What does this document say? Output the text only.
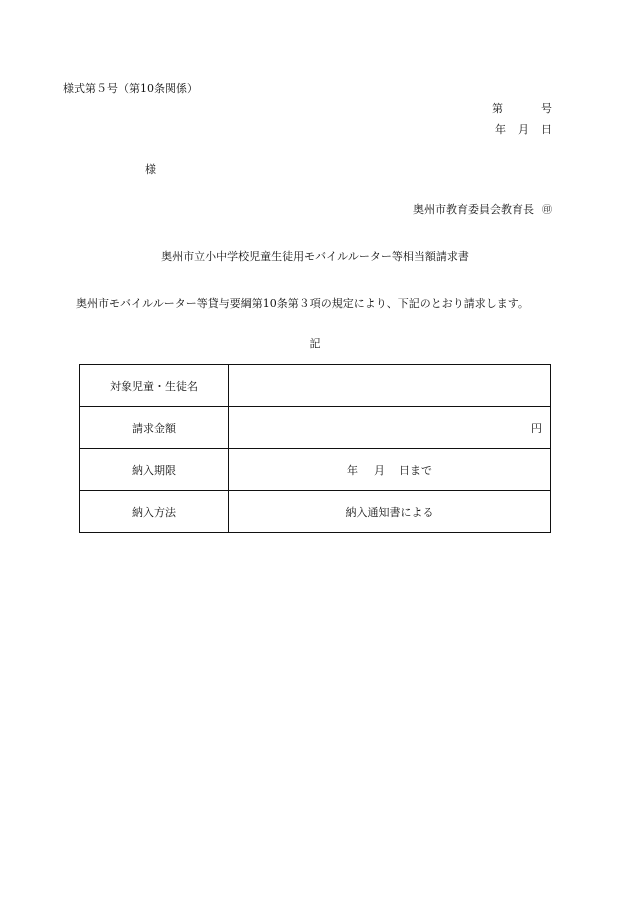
様式第５号（第10条関係）
第	号
年 月 日
様
奥州市教育委員会教育長 ㊞
奥州市立小中学校児童生徒用モバイルルーター等相当額請求書
奥州市モバイルルーター等貸与要綱第10条第３項の規定により、下記のとおり請求します。
記
対象児童・生徒名	
請求金額	円
納入期限	年 月 日まで
納入方法	納入通知書による
